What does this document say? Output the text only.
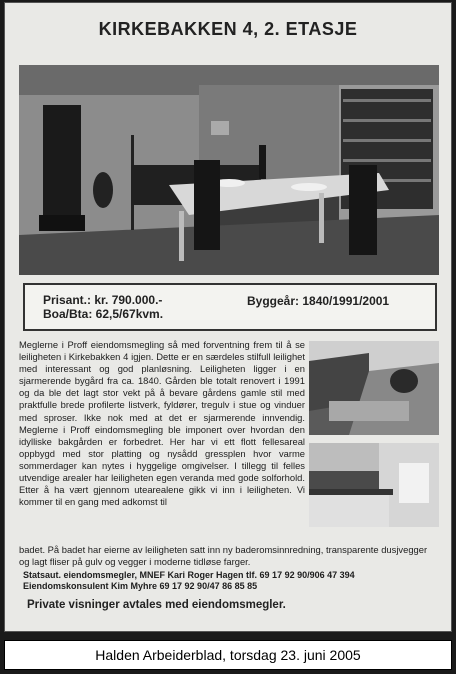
KIRKEBAKKEN 4, 2. ETASJE
Prisant.: kr. 790.000.-
Boa/Bta: 62,5/67kvm.
Byggeår: 1840/1991/2001
Meglerne i Proff eiendomsmegling så med forventning frem til å se leiligheten i Kirkebakken 4 igjen. Dette er en særdeles stilfull leilighet med interessant og god planløsning. Leiligheten ligger i en sjarmerende bygård fra ca. 1840. Gården ble totalt renovert i 1991 og da ble det lagt stor vekt på å bevare gårdens gamle stil med praktfulle brede profilerte listverk, fyldører, tregulv i stue og vinduer med sproser. Ikke nok med at det er sjarmerende innvendig. Meglerne i Proff eindomsmegling ble imponert over hvordan den idylliske bakgården er forbedret. Her har vi ett flott fellesareal oppbygd med stor platting og nysådd gressplen hvor varme sommerdager kan nytes i hyggelige omgivelser. I tillegg til felles utvendige arealer har leiligheten egen veranda med gode solforhold. Etter å ha vært gjennom utearealene gikk vi inn i leiligheten. Vi kommer til en gang med adkomst til
badet. På badet har eierne av leiligheten satt inn ny baderomsinnredning, transparente dusjvegger og lagt fliser på gulv og vegger i moderne tidløse farger.
Statsaut. eiendomsmegler, MNEF Kari Roger Hagen tlf. 69 17 92 90/906 47 394
Eiendomskonsulent Kim Myhre 69 17 92 90/47 86 85 85
Private visninger avtales med eiendomsmegler.
Halden Arbeiderblad, torsdag 23. juni 2005
